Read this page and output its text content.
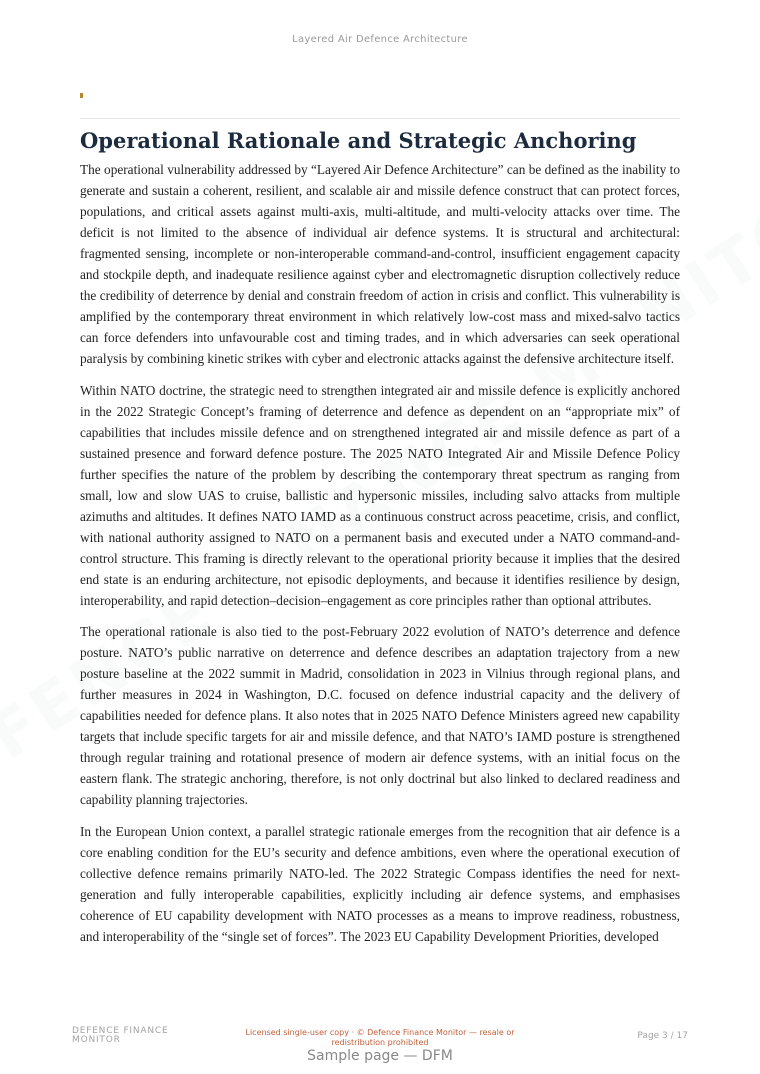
Layered Air Defence Architecture
Operational Rationale and Strategic Anchoring

The operational vulnerability addressed by “Layered Air Defence Architecture” can be defined as the inability to generate and sustain a coherent, resilient, and scalable air and missile defence construct that can protect forces, populations, and critical assets against multi-axis, multi-altitude, and multi-velocity attacks over time. The deficit is not limited to the absence of individual air defence systems. It is structural and architectural: fragmented sensing, incomplete or non-interoperable command-and-control, insufficient engagement capacity and stockpile depth, and inadequate resilience against cyber and electromagnetic disruption collectively reduce the credibility of deterrence by denial and constrain freedom of action in crisis and conflict. This vulnerability is amplified by the contemporary threat environment in which relatively low-cost mass and mixed-salvo tactics can force defenders into unfavourable cost and timing trades, and in which adversaries can seek operational paralysis by combining kinetic strikes with cyber and electronic attacks against the defensive architecture itself.

Within NATO doctrine, the strategic need to strengthen integrated air and missile defence is explicitly anchored in the 2022 Strategic Concept’s framing of deterrence and defence as dependent on an “appropriate mix” of capabilities that includes missile defence and on strengthened integrated air and missile defence as part of a sustained presence and forward defence posture. The 2025 NATO Integrated Air and Missile Defence Policy further specifies the nature of the problem by describing the contemporary threat spectrum as ranging from small, low and slow UAS to cruise, ballistic and hypersonic missiles, including salvo attacks from multiple azimuths and altitudes. It defines NATO IAMD as a continuous construct across peacetime, crisis, and conflict, with national authority assigned to NATO on a permanent basis and executed under a NATO command-and-control structure. This framing is directly relevant to the operational priority because it implies that the desired end state is an enduring architecture, not episodic deployments, and because it identifies resilience by design, interoperability, and rapid detection–decision–engagement as core principles rather than optional attributes.

The operational rationale is also tied to the post-February 2022 evolution of NATO’s deterrence and defence posture. NATO’s public narrative on deterrence and defence describes an adaptation trajectory from a new posture baseline at the 2022 summit in Madrid, consolidation in 2023 in Vilnius through regional plans, and further measures in 2024 in Washington, D.C. focused on defence industrial capacity and the delivery of capabilities needed for defence plans. It also notes that in 2025 NATO Defence Ministers agreed new capability targets that include specific targets for air and missile defence, and that NATO’s IAMD posture is strengthened through regular training and rotational presence of modern air defence systems, with an initial focus on the eastern flank. The strategic anchoring, therefore, is not only doctrinal but also linked to declared readiness and capability planning trajectories.

In the European Union context, a parallel strategic rationale emerges from the recognition that air defence is a core enabling condition for the EU’s security and defence ambitions, even where the operational execution of collective defence remains primarily NATO-led. The 2022 Strategic Compass identifies the need for next-generation and fully interoperable capabilities, explicitly including air defence systems, and emphasises coherence of EU capability development with NATO processes as a means to improve readiness, robustness, and interoperability of the “single set of forces”. The 2023 EU Capability Development Priorities, developed

DEFENCE FINANCE
MONITOR
Licensed single-user copy · © Defence Finance Monitor — resale or redistribution prohibited
Page 3 / 17
Sample page — DFM
